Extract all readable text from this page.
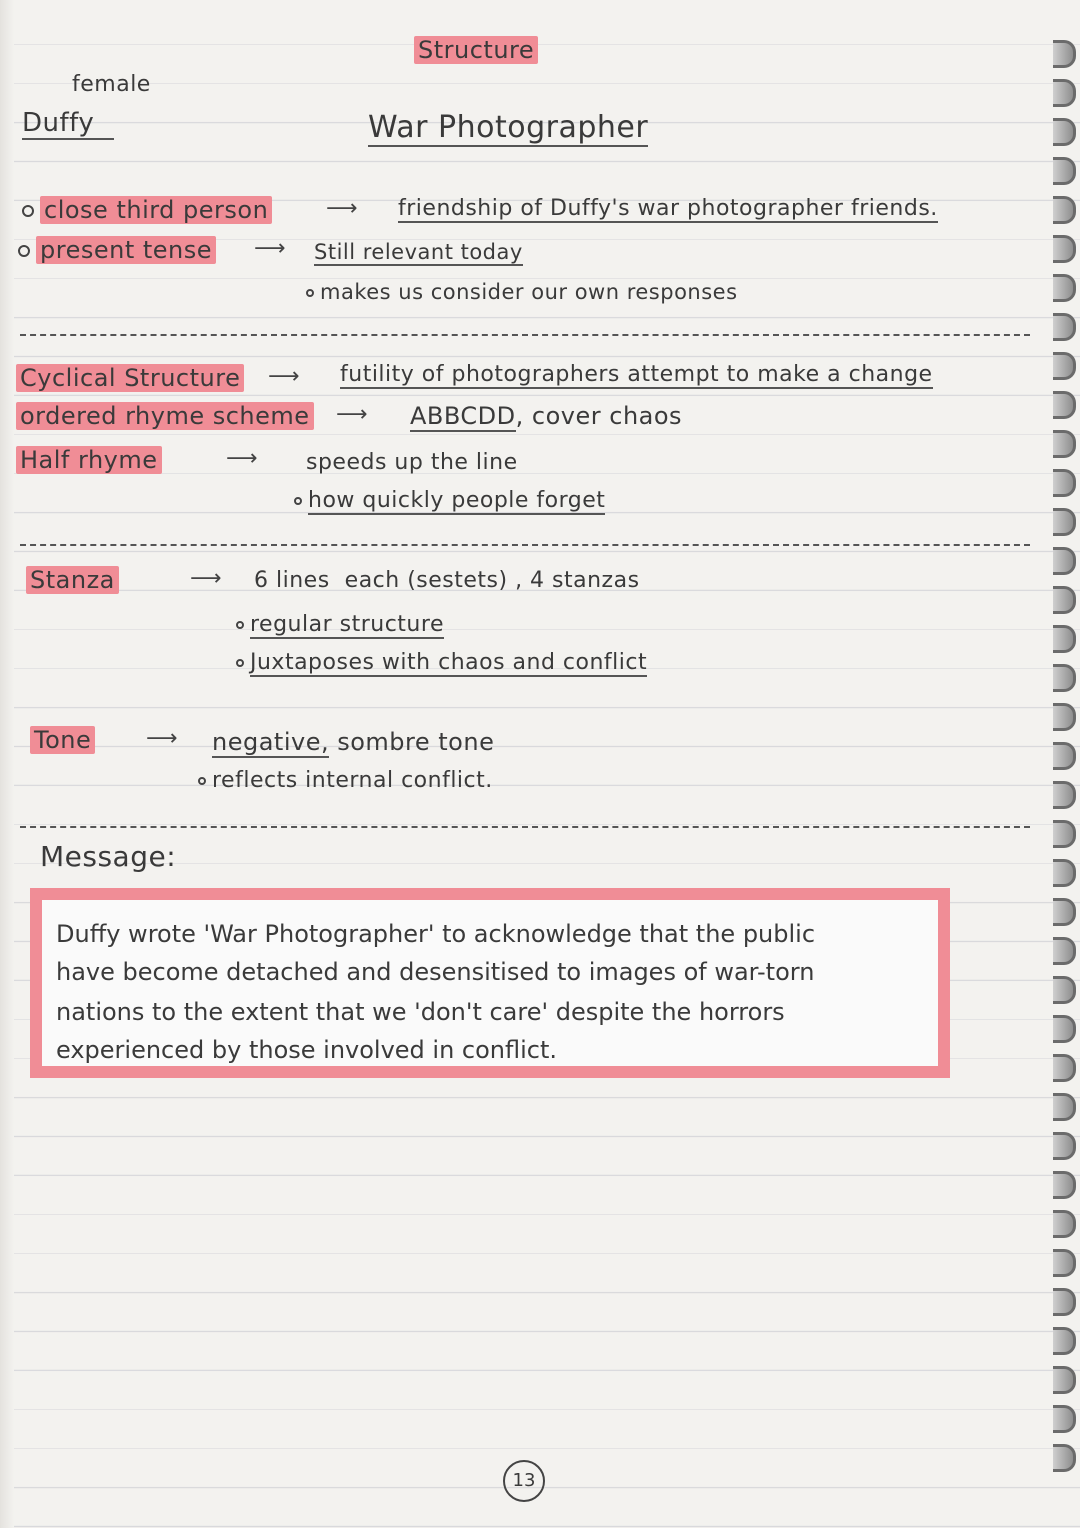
Structure
female
Duffy	War Photographer
close third person	⟶ friendship of Duffy's war photographer friends.
present tense ⟶ Still relevant today
makes us consider our own responses
Cyclical Structure ⟶ futility of photographers attempt to make a change
ordered rhyme scheme ⟶ ABBCDD, cover chaos
Half rhyme	⟶ speeds up the line
how quickly people forget
Stanza	⟶ 6 lines each (sestets) , 4 stanzas
regular structure
Juxtaposes with chaos and conflict
Tone ⟶ negative, sombre tone
reflects internal conflict.
Message:
Duffy wrote 'War Photographer' to acknowledge that the public
have become detached and desensitised to images of war-torn
nations to the extent that we 'don't care' despite the horrors
experienced by those involved in conflict.
13
